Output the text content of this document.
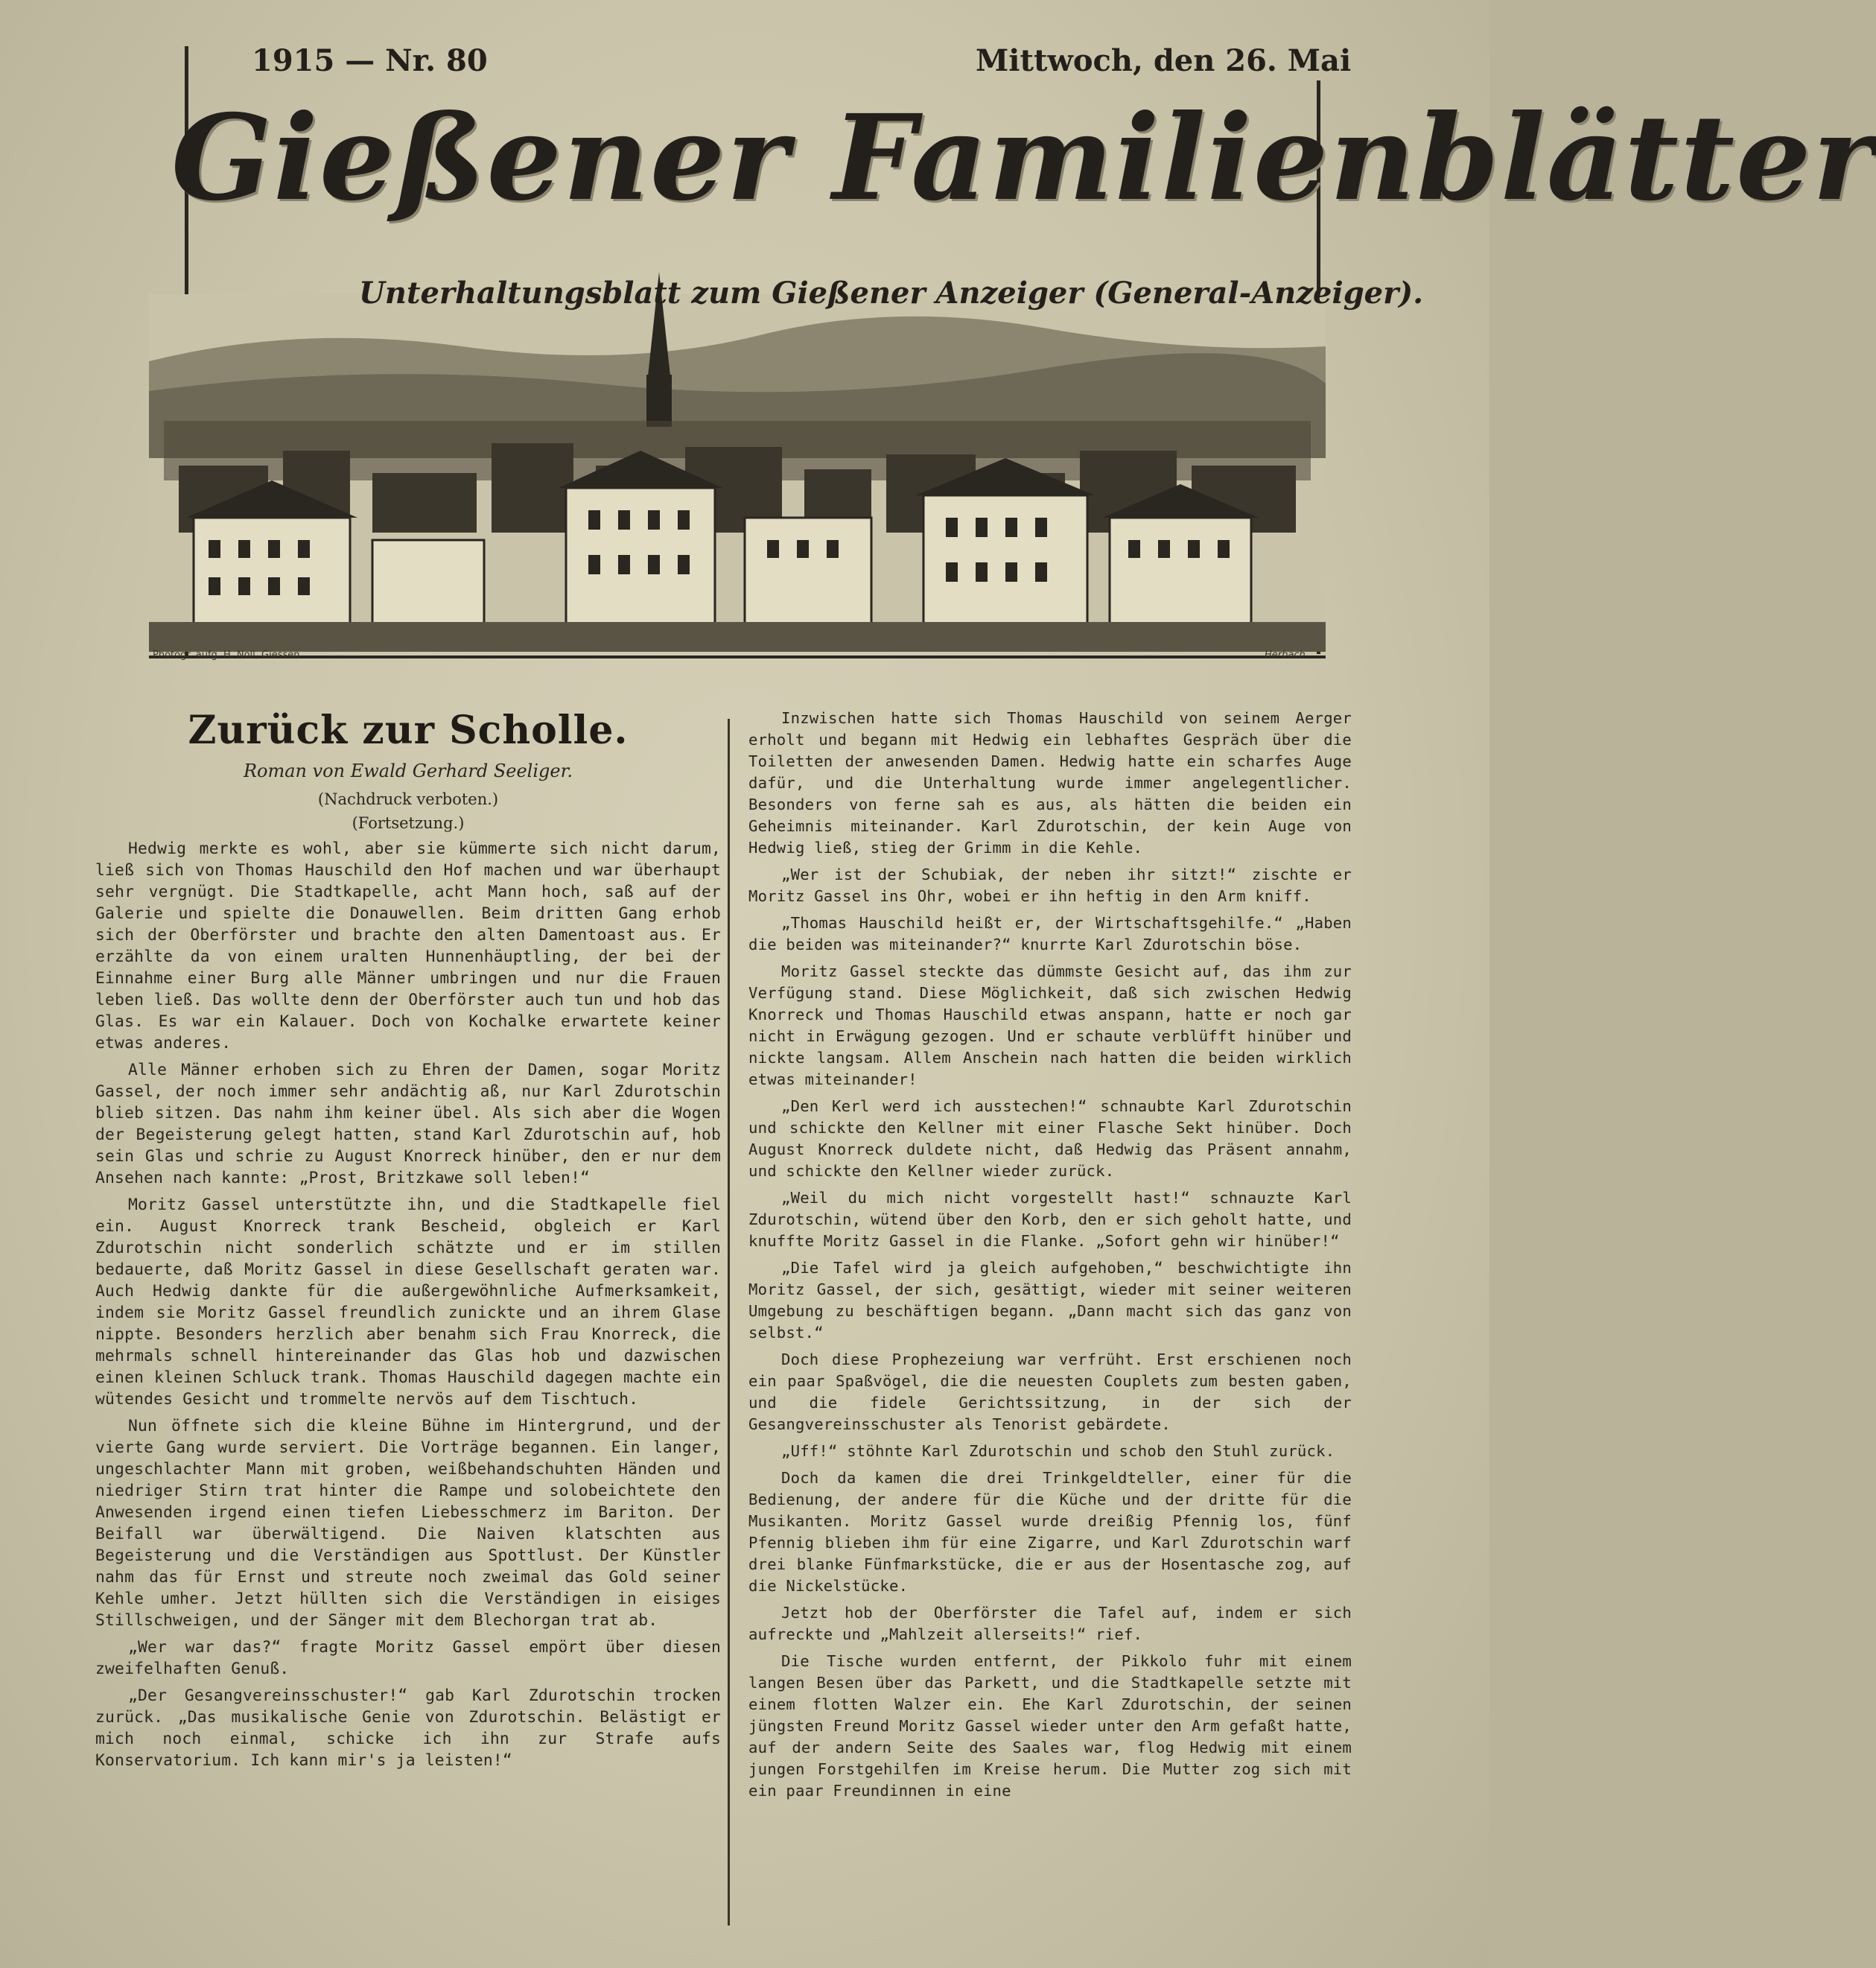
1915 — Nr. 80	Mittwoch, den 26. Mai
Gießener Familienblätter
Unterhaltungsblatt zum Gießener Anzeiger (General-Anzeiger).
Photogr. aufg. H. Noll, Giessen	Herbach
Zurück zur Scholle.
Roman von Ewald Gerhard Seeliger.
(Nachdruck verboten.)
(Fortsetzung.)

Hedwig merkte es wohl, aber sie kümmerte sich nicht darum, ließ sich von Thomas Hauschild den Hof machen und war überhaupt sehr vergnügt. Die Stadtkapelle, acht Mann hoch, saß auf der Galerie und spielte die Donauwellen. Beim dritten Gang erhob sich der Oberförster und brachte den alten Damentoast aus. Er erzählte da von einem uralten Hunnenhäuptling, der bei der Einnahme einer Burg alle Männer umbringen und nur die Frauen leben ließ. Das wollte denn der Oberförster auch tun und hob das Glas. Es war ein Kalauer. Doch von Kochalke erwartete keiner etwas anderes.

Alle Männer erhoben sich zu Ehren der Damen, sogar Moritz Gassel, der noch immer sehr andächtig aß, nur Karl Zdurotschin blieb sitzen. Das nahm ihm keiner übel. Als sich aber die Wogen der Begeisterung gelegt hatten, stand Karl Zdurotschin auf, hob sein Glas und schrie zu August Knorreck hinüber, den er nur dem Ansehen nach kannte: „Prost, Britzkawe soll leben!“

Moritz Gassel unterstützte ihn, und die Stadtkapelle fiel ein. August Knorreck trank Bescheid, obgleich er Karl Zdurotschin nicht sonderlich schätzte und er im stillen bedauerte, daß Moritz Gassel in diese Gesellschaft geraten war. Auch Hedwig dankte für die außergewöhnliche Aufmerksamkeit, indem sie Moritz Gassel freundlich zunickte und an ihrem Glase nippte. Besonders herzlich aber benahm sich Frau Knorreck, die mehrmals schnell hintereinander das Glas hob und dazwischen einen kleinen Schluck trank. Thomas Hauschild dagegen machte ein wütendes Gesicht und trommelte nervös auf dem Tischtuch.

Nun öffnete sich die kleine Bühne im Hintergrund, und der vierte Gang wurde serviert. Die Vorträge begannen. Ein langer, ungeschlachter Mann mit groben, weißbehandschuhten Händen und niedriger Stirn trat hinter die Rampe und solobeichtete den Anwesenden irgend einen tiefen Liebesschmerz im Bariton. Der Beifall war überwältigend. Die Naiven klatschten aus Begeisterung und die Verständigen aus Spottlust. Der Künstler nahm das für Ernst und streute noch zweimal das Gold seiner Kehle umher. Jetzt hüllten sich die Verständigen in eisiges Stillschweigen, und der Sänger mit dem Blechorgan trat ab.

„Wer war das?“ fragte Moritz Gassel empört über diesen zweifelhaften Genuß.

„Der Gesangvereinsschuster!“ gab Karl Zdurotschin trocken zurück. „Das musikalische Genie von Zdurotschin. Belästigt er mich noch einmal, schicke ich ihn zur Strafe aufs Konservatorium. Ich kann mir's ja leisten!“

Inzwischen hatte sich Thomas Hauschild von seinem Aerger erholt und begann mit Hedwig ein lebhaftes Gespräch über die Toiletten der anwesenden Damen. Hedwig hatte ein scharfes Auge dafür, und die Unterhaltung wurde immer angelegentlicher. Besonders von ferne sah es aus, als hätten die beiden ein Geheimnis miteinander. Karl Zdurotschin, der kein Auge von Hedwig ließ, stieg der Grimm in die Kehle.

„Wer ist der Schubiak, der neben ihr sitzt!“ zischte er Moritz Gassel ins Ohr, wobei er ihn heftig in den Arm kniff.

„Thomas Hauschild heißt er, der Wirtschaftsgehilfe.“ „Haben die beiden was miteinander?“ knurrte Karl Zdurotschin böse.

Moritz Gassel steckte das dümmste Gesicht auf, das ihm zur Verfügung stand. Diese Möglichkeit, daß sich zwischen Hedwig Knorreck und Thomas Hauschild etwas anspann, hatte er noch gar nicht in Erwägung gezogen. Und er schaute verblüfft hinüber und nickte langsam. Allem Anschein nach hatten die beiden wirklich etwas miteinander!

„Den Kerl werd ich ausstechen!“ schnaubte Karl Zdurotschin und schickte den Kellner mit einer Flasche Sekt hinüber. Doch August Knorreck duldete nicht, daß Hedwig das Präsent annahm, und schickte den Kellner wieder zurück.

„Weil du mich nicht vorgestellt hast!“ schnauzte Karl Zdurotschin, wütend über den Korb, den er sich geholt hatte, und knuffte Moritz Gassel in die Flanke. „Sofort gehn wir hinüber!“

„Die Tafel wird ja gleich aufgehoben,“ beschwichtigte ihn Moritz Gassel, der sich, gesättigt, wieder mit seiner weiteren Umgebung zu beschäftigen begann. „Dann macht sich das ganz von selbst.“

Doch diese Prophezeiung war verfrüht. Erst erschienen noch ein paar Spaßvögel, die die neuesten Couplets zum besten gaben, und die fidele Gerichtssitzung, in der sich der Gesangvereinsschuster als Tenorist gebärdete.

„Uff!“ stöhnte Karl Zdurotschin und schob den Stuhl zurück.

Doch da kamen die drei Trinkgeldteller, einer für die Bedienung, der andere für die Küche und der dritte für die Musikanten. Moritz Gassel wurde dreißig Pfennig los, fünf Pfennig blieben ihm für eine Zigarre, und Karl Zdurotschin warf drei blanke Fünfmarkstücke, die er aus der Hosentasche zog, auf die Nickelstücke.

Jetzt hob der Oberförster die Tafel auf, indem er sich aufreckte und „Mahlzeit allerseits!“ rief.

Die Tische wurden entfernt, der Pikkolo fuhr mit einem langen Besen über das Parkett, und die Stadtkapelle setzte mit einem flotten Walzer ein. Ehe Karl Zdurotschin, der seinen jüngsten Freund Moritz Gassel wieder unter den Arm gefaßt hatte, auf der andern Seite des Saales war, flog Hedwig mit einem jungen Forstgehilfen im Kreise herum. Die Mutter zog sich mit ein paar Freundinnen in eine
